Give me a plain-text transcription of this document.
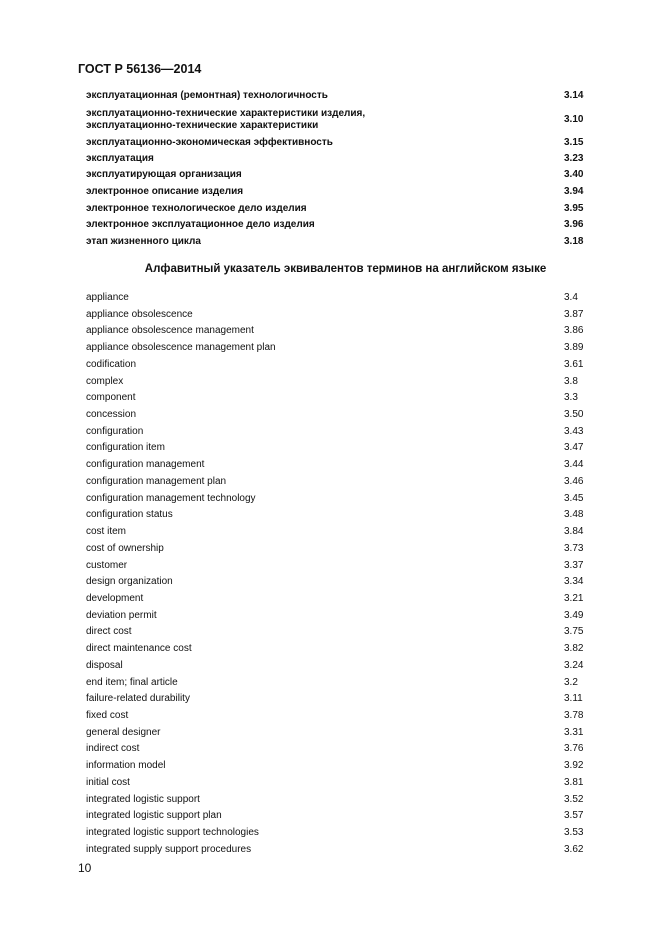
ГОСТ Р 56136—2014
эксплуатационная (ремонтная) технологичность	3.14
эксплуатационно-технические характеристики изделия,
эксплуатационно-технические характеристики
3.10
эксплуатационно-экономическая эффективность	3.15
эксплуатация	3.23
эксплуатирующая организация	3.40
электронное описание изделия	3.94
электронное технологическое дело изделия	3.95
электронное эксплуатационное дело изделия	3.96
этап жизненного цикла	3.18
Алфавитный указатель эквивалентов терминов на английском языке
appliance	3.4
appliance obsolescence	3.87
appliance obsolescence management	3.86
appliance obsolescence management plan	3.89
codification	3.61
complex	3.8
component	3.3
concession	3.50
configuration	3.43
configuration item	3.47
configuration management	3.44
configuration management plan	3.46
configuration management technology	3.45
configuration status	3.48
cost item	3.84
cost of ownership	3.73
customer	3.37
design organization	3.34
development	3.21
deviation permit	3.49
direct cost	3.75
direct maintenance cost	3.82
disposal	3.24
end item; final article	3.2
failure-related durability	3.11
fixed cost	3.78
general designer	3.31
indirect cost	3.76
information model	3.92
initial cost	3.81
integrated logistic support	3.52
integrated logistic support plan	3.57
integrated logistic support technologies	3.53
integrated supply support procedures	3.62
10
